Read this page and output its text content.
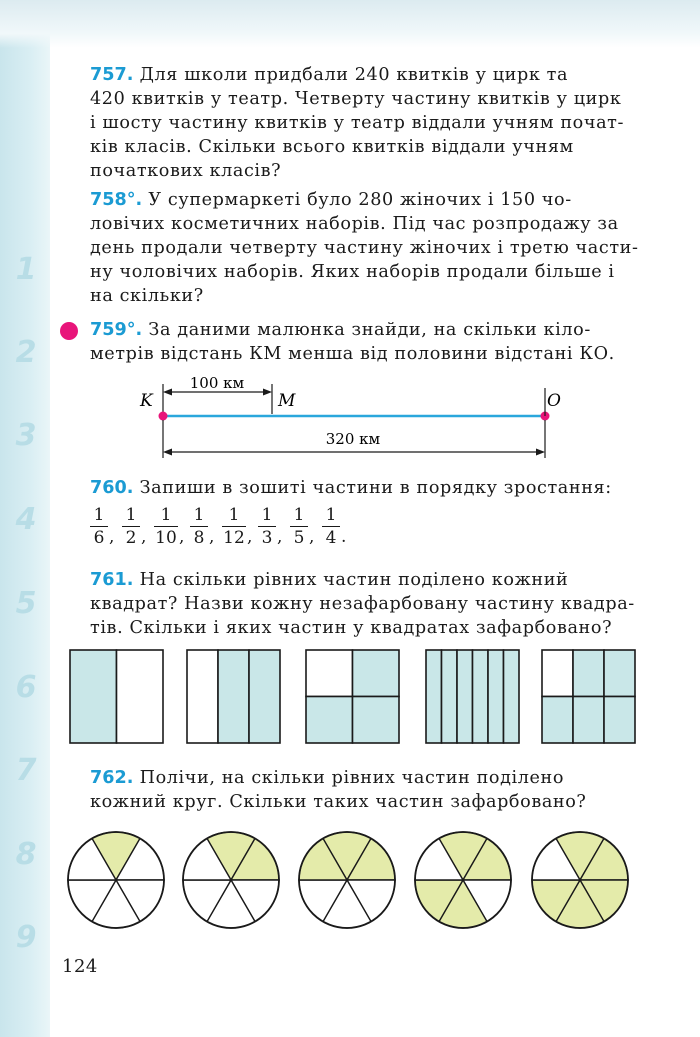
1
2
3
4
5
6
7
8
9
757. Для школи придбали 240 квитків у цирк та
420 квитків у театр. Четверту частину квитків у цирк
і шосту частину квитків у театр віддали учням почат-
ків класів. Скільки всього квитків віддали учням
початкових класів?
758°. У супермаркеті було 280 жіночих і 150 чо-
ловічих косметичних наборів. Під час розпродажу за
день продали четверту частину жіночих і третю части-
ну чоловічих наборів. Яких наборів продали більше і
на скільки?
759°. За даними малюнка знайди, на скільки кіло-
метрів відстань КМ менша від половини відстані КО.
100 км
K	M	O
320 км
760. Запиши в зошиті частини в порядку зростання:
$\frac{1}{6}$ , $\frac{1}{2}$ , $\frac{1}{10}$ , $\frac{1}{8}$ , $\frac{1}{12}$ , $\frac{1}{3}$ , $\frac{1}{5}$ , $\frac{1}{4}$ .
761. На скільки рівних частин поділено кожний
квадрат? Назви кожну незафарбовану частину квадра-
тів. Скільки і яких частин у квадратах зафарбовано?
762. Полічи, на скільки рівних частин поділено
кожний круг. Скільки таких частин зафарбовано?
124
